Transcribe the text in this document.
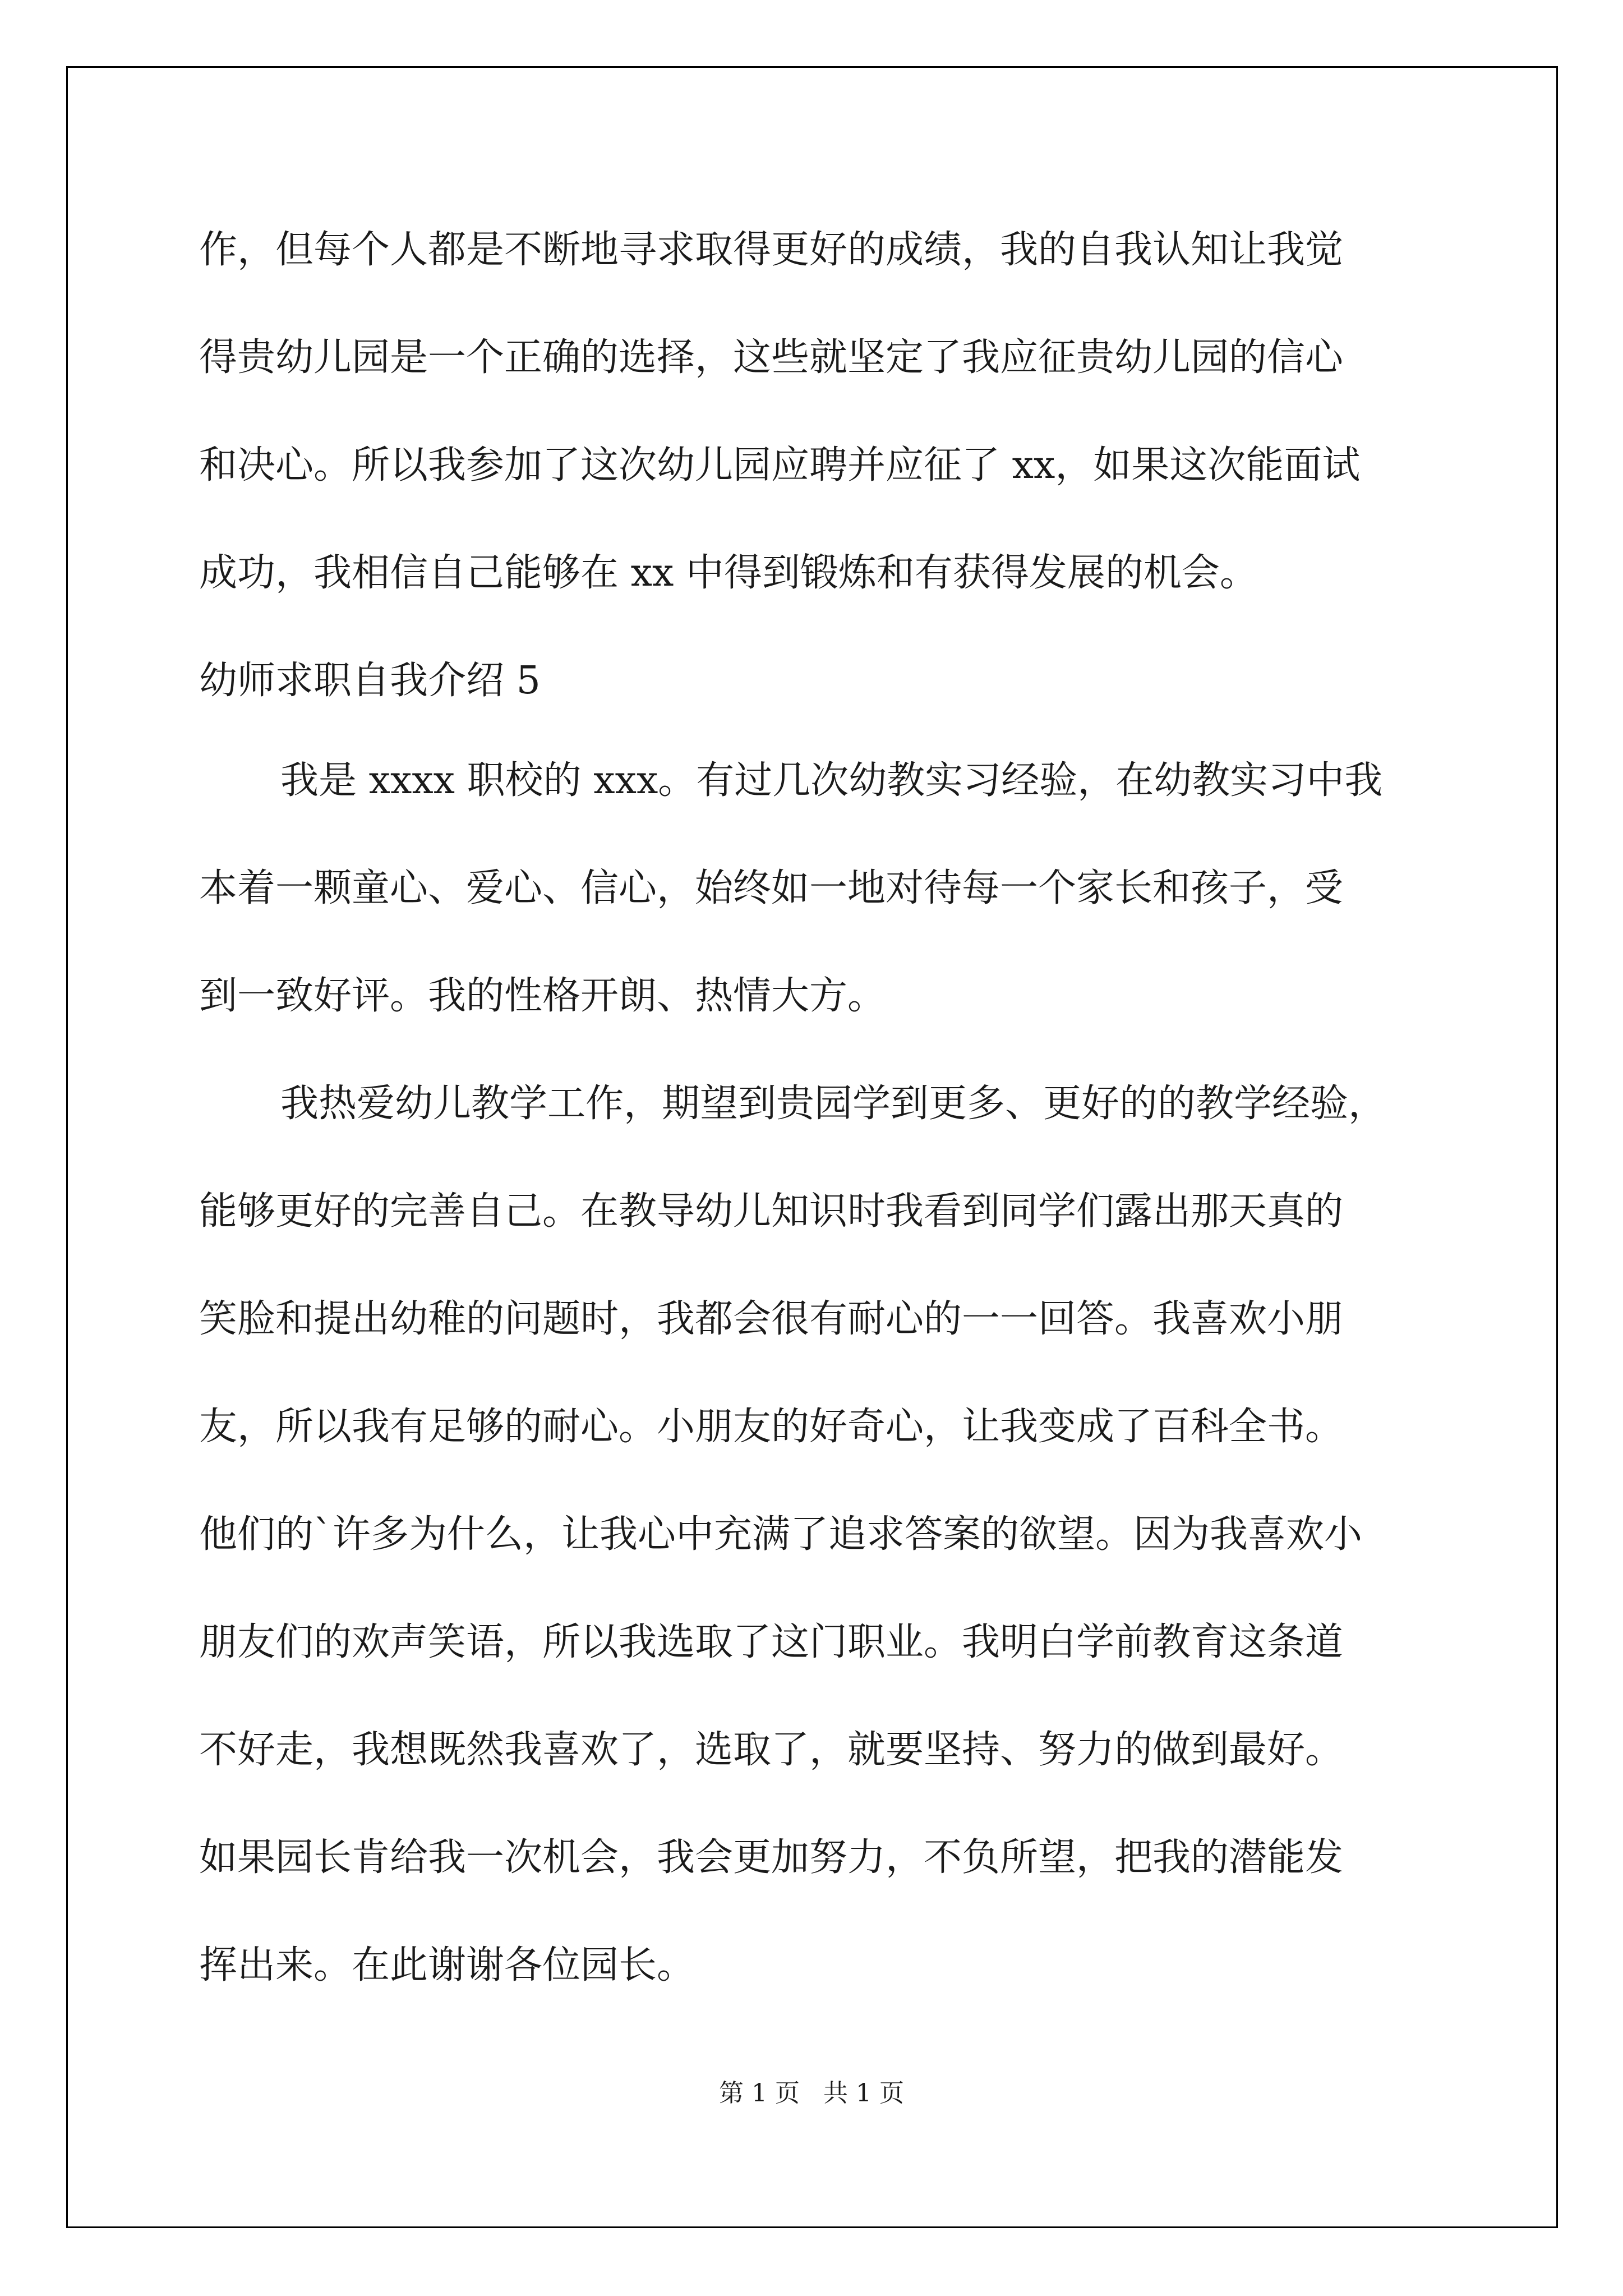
作，但每个人都是不断地寻求取得更好的成绩，我的自我认知让我觉
得贵幼儿园是一个正确的选择，这些就坚定了我应征贵幼儿园的信心
和决心。所以我参加了这次幼儿园应聘并应征了 xx，如果这次能面试
成功，我相信自己能够在 xx 中得到锻炼和有获得发展的机会。
幼师求职自我介绍 5
我是 xxxx 职校的 xxx。有过几次幼教实习经验，在幼教实习中我
本着一颗童心、爱心、信心，始终如一地对待每一个家长和孩子，受
到一致好评。我的性格开朗、热情大方。
我热爱幼儿教学工作，期望到贵园学到更多、更好的的教学经验，
能够更好的完善自己。在教导幼儿知识时我看到同学们露出那天真的
笑脸和提出幼稚的问题时，我都会很有耐心的一一回答。我喜欢小朋
友，所以我有足够的耐心。小朋友的好奇心，让我变成了百科全书。
他们的`许多为什么，让我心中充满了追求答案的欲望。因为我喜欢小
朋友们的欢声笑语，所以我选取了这门职业。我明白学前教育这条道
不好走，我想既然我喜欢了，选取了，就要坚持、努力的做到最好。
如果园长肯给我一次机会，我会更加努力，不负所望，把我的潜能发
挥出来。在此谢谢各位园长。
第 1 页   共 1 页
